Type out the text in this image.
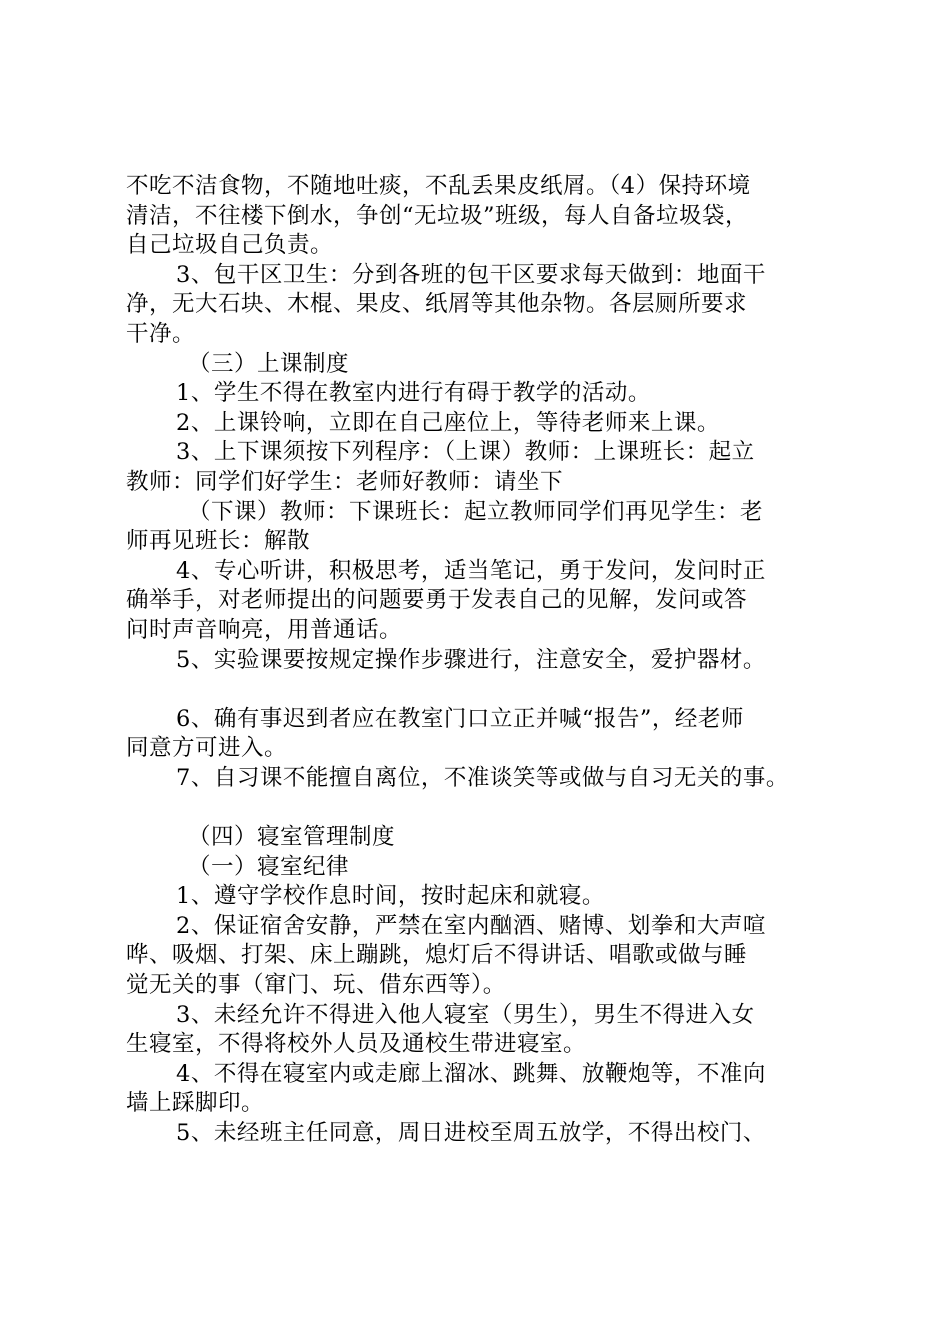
不吃不洁食物，不随地吐痰，不乱丢果皮纸屑。（4）保持环境
清洁，不往楼下倒水，争创“无垃圾”班级，每人自备垃圾袋，
自己垃圾自己负责。
3、包干区卫生：分到各班的包干区要求每天做到：地面干
净，无大石块、木棍、果皮、纸屑等其他杂物。各层厕所要求
干净。
（三）上课制度
1、学生不得在教室内进行有碍于教学的活动。
2、上课铃响，立即在自己座位上，等待老师来上课。
3、上下课须按下列程序：（上课）教师：上课班长：起立
教师：同学们好学生：老师好教师：请坐下
（下课）教师：下课班长：起立教师同学们再见学生：老
师再见班长：解散
4、专心听讲，积极思考，适当笔记，勇于发问，发问时正
确举手，对老师提出的问题要勇于发表自己的见解，发问或答
问时声音响亮，用普通话。
5、实验课要按规定操作步骤进行，注意安全，爱护器材。
6、确有事迟到者应在教室门口立正并喊“报告”，经老师
同意方可进入。
7、自习课不能擅自离位，不准谈笑等或做与自习无关的事。
（四）寝室管理制度
（一）寝室纪律
1、遵守学校作息时间，按时起床和就寝。
2、保证宿舍安静，严禁在室内酗酒、赌博、划拳和大声喧
哗、吸烟、打架、床上蹦跳，熄灯后不得讲话、唱歌或做与睡
觉无关的事（窜门、玩、借东西等）。
3、未经允许不得进入他人寝室（男生），男生不得进入女
生寝室，不得将校外人员及通校生带进寝室。
4、不得在寝室内或走廊上溜冰、跳舞、放鞭炮等，不准向
墙上踩脚印。
5、未经班主任同意，周日进校至周五放学，不得出校门、
